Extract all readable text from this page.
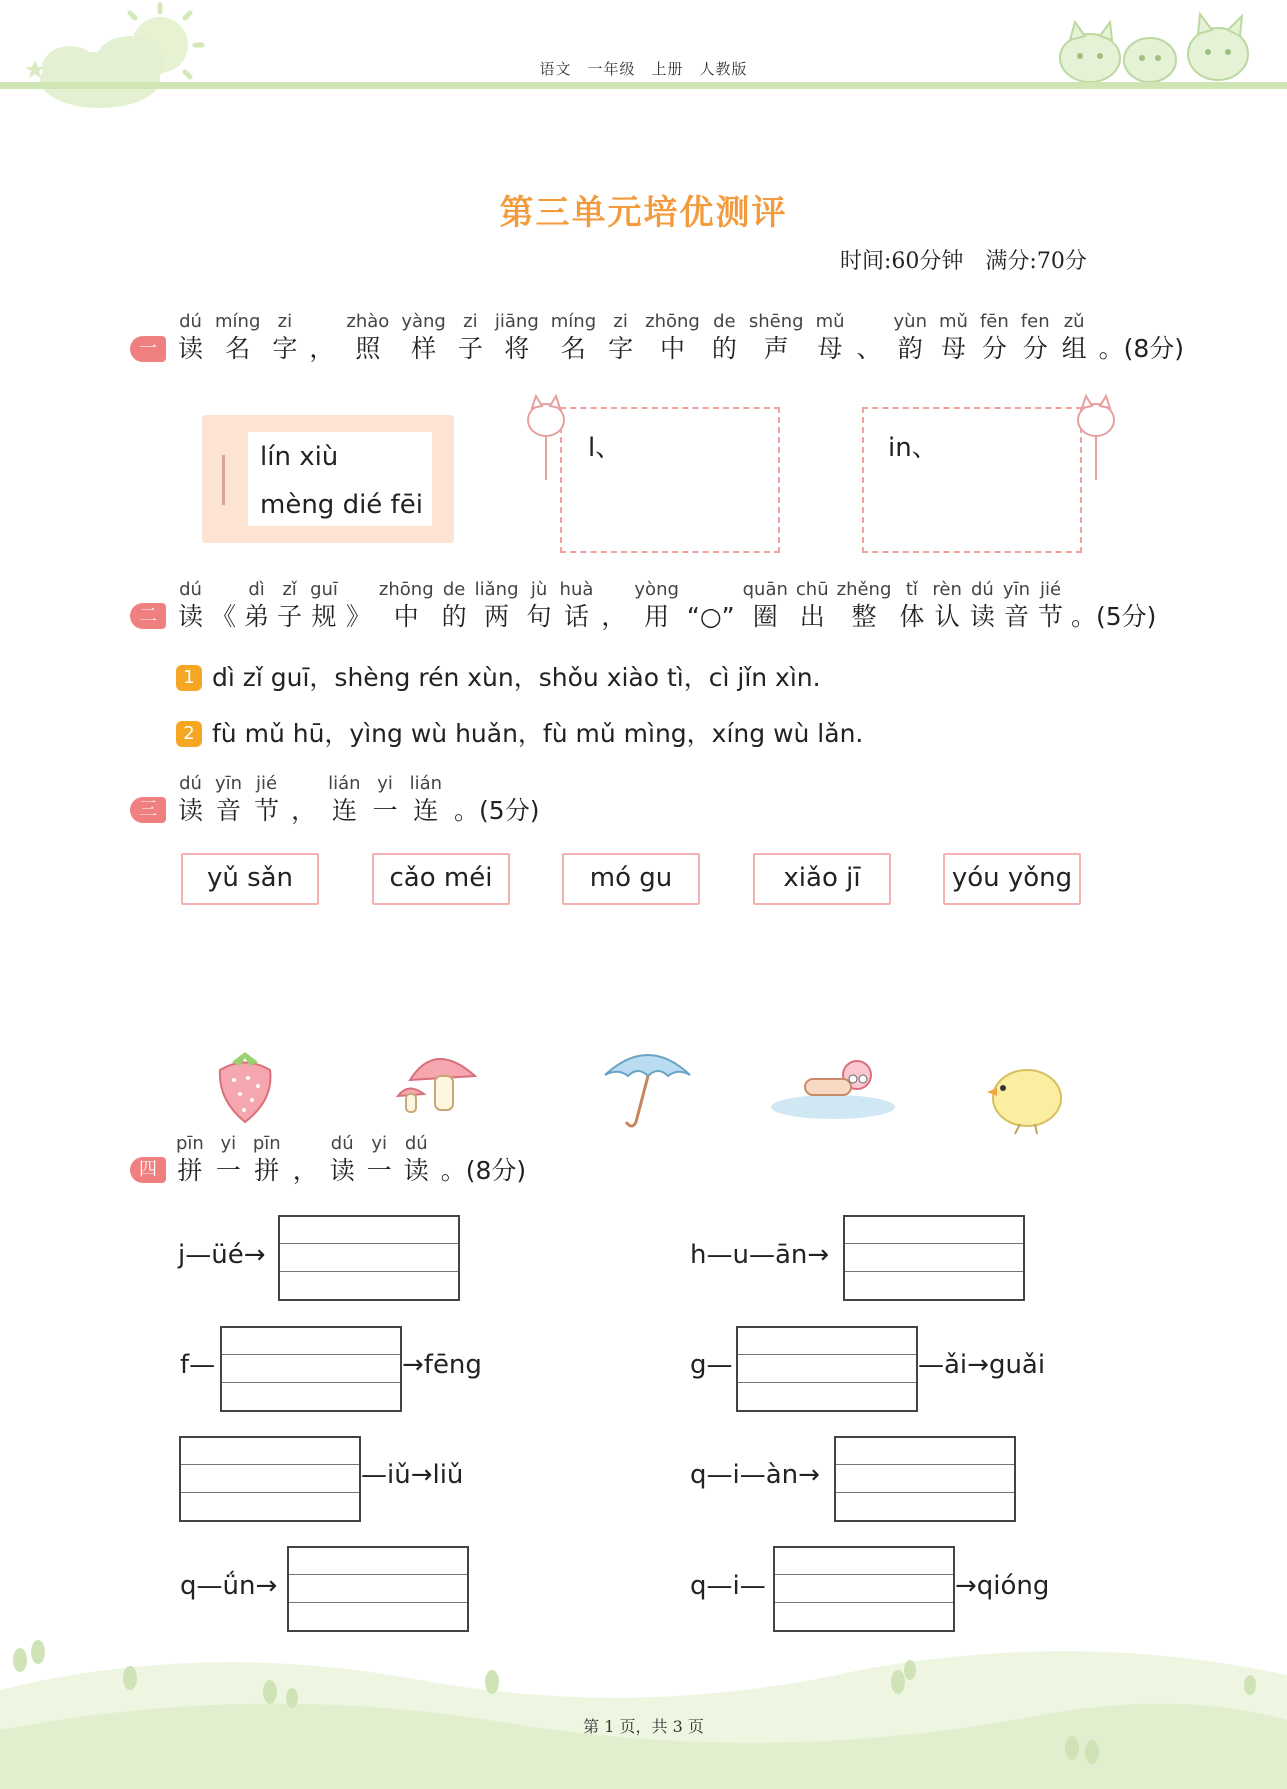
语文　一年级　上册　人教版
第三单元培优测评
时间:60分钟　满分:70分
一
dú
读
míng
名
zi
字 ，
zhào
照
yàng
样
zi
子
jiāng
将
míng
名
zi
字
zhōng
中
de
的
shēng
声
mǔ
母 、
yùn
韵
mǔ
母
fēn
分
fen
分
zǔ
组 。(8分)
lín xiù
mèng dié fēi
l、	in、
二
dú
读 《
dì
弟
zǐ
子
guī
规 》
zhōng
中
de
的
liǎng
两
jù
句
huà
话 ，
yòng
用 “○”
quān
圈
chū
出
zhěng
整
tǐ
体
rèn
认
dú
读
yīn
音
jié
节 。(5分)
1 dì zǐ guī，shèng rén xùn，shǒu xiào tì，cì jǐn xìn.
2 fù mǔ hū，yìng wù huǎn，fù mǔ mìng，xíng wù lǎn.
三
dú
读
yīn
音
jié
节 ，
lián
连
yi
一
lián
连 。(5分)
yǔ sǎn	cǎo méi	mó gu	xiǎo jī	yóu yǒng
四
pīn
拼
yi
一
pīn
拼 ，
dú
读
yi
一
dú
读 。(8分)
j—üé→	h—u—ān→
f—	→fēng	g—	—ǎi→guǎi
—iǔ→liǔ	q—i—àn→
q—ǘn→	q—i—	→qióng
第 1 页，共 3 页
